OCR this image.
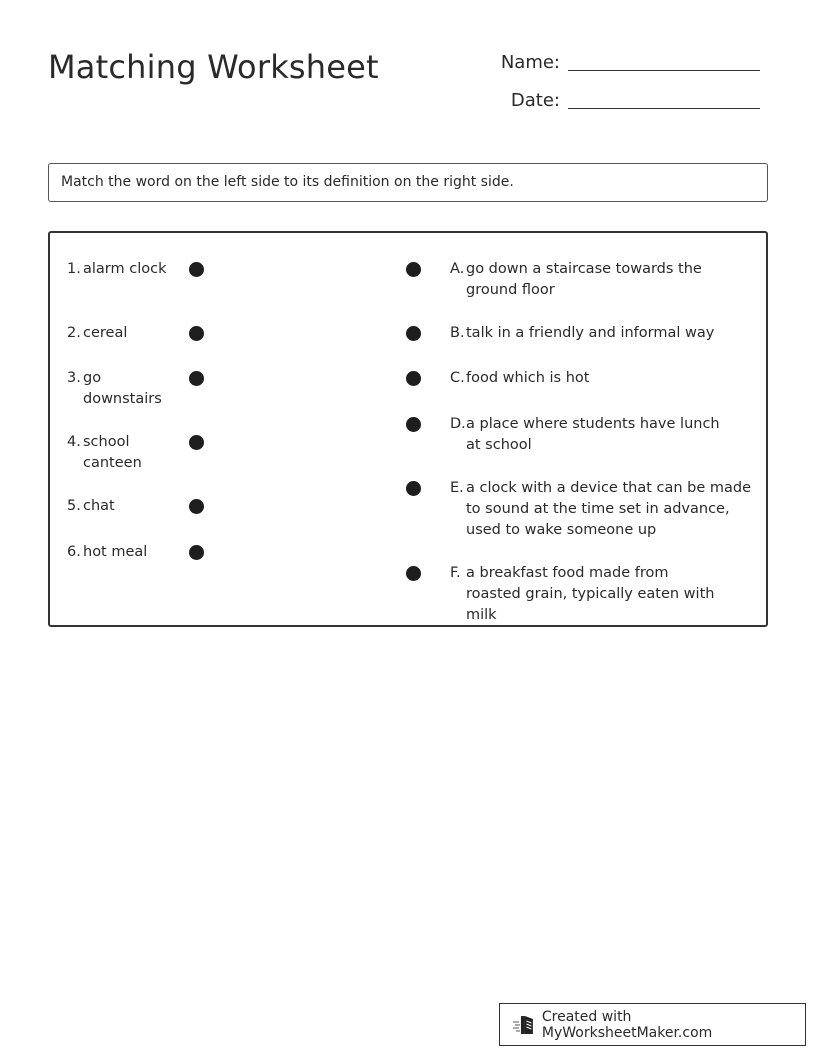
Matching Worksheet	Name:
Date:
Match the word on the left side to its definition on the right side.
1. alarm clock
2. cereal
3. go downstairs
4. school canteen
5. chat
6. hot meal
A. go down a staircase towards the ground floor
B. talk in a friendly and informal way
C. food which is hot
D. a place where students have lunch at school
E. a clock with a device that can be made to sound at the time set in advance, used to wake someone up
F. a breakfast food made from roasted grain, typically eaten with milk
Created with MyWorksheetMaker.com
